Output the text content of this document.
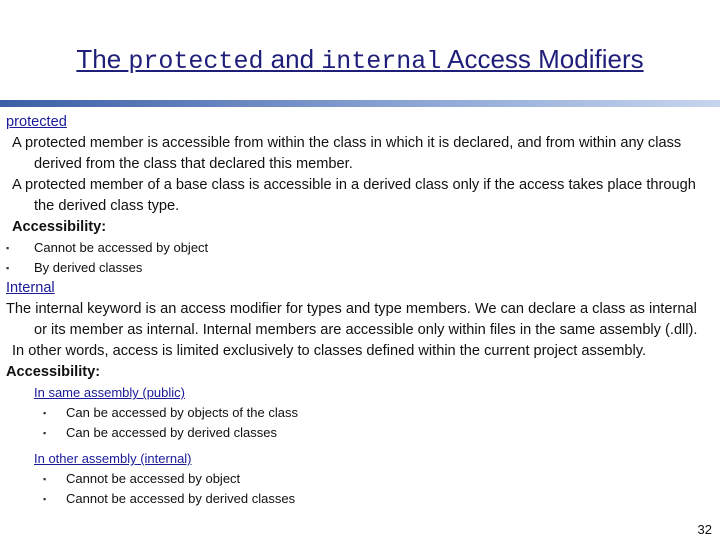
The protected and internal Access Modifiers
protected

A protected member is accessible from within the class in which it is declared, and from within any class derived from the class that declared this member.

A protected member of a base class is accessible in a derived class only if the access takes place through the derived class type.

Accessibility:

▪ Cannot be accessed by object

▪ By derived classes

Internal

The internal keyword is an access modifier for types and type members. We can declare a class as internal or its member as internal. Internal members are accessible only within files in the same assembly (.dll).

In other words, access is limited exclusively to classes defined within the current project assembly.

Accessibility:

In same assembly (public)

▪ Can be accessed by objects of the class

▪ Can be accessed by derived classes

In other assembly (internal)

▪ Cannot be accessed by object

▪ Cannot be accessed by derived classes

32
